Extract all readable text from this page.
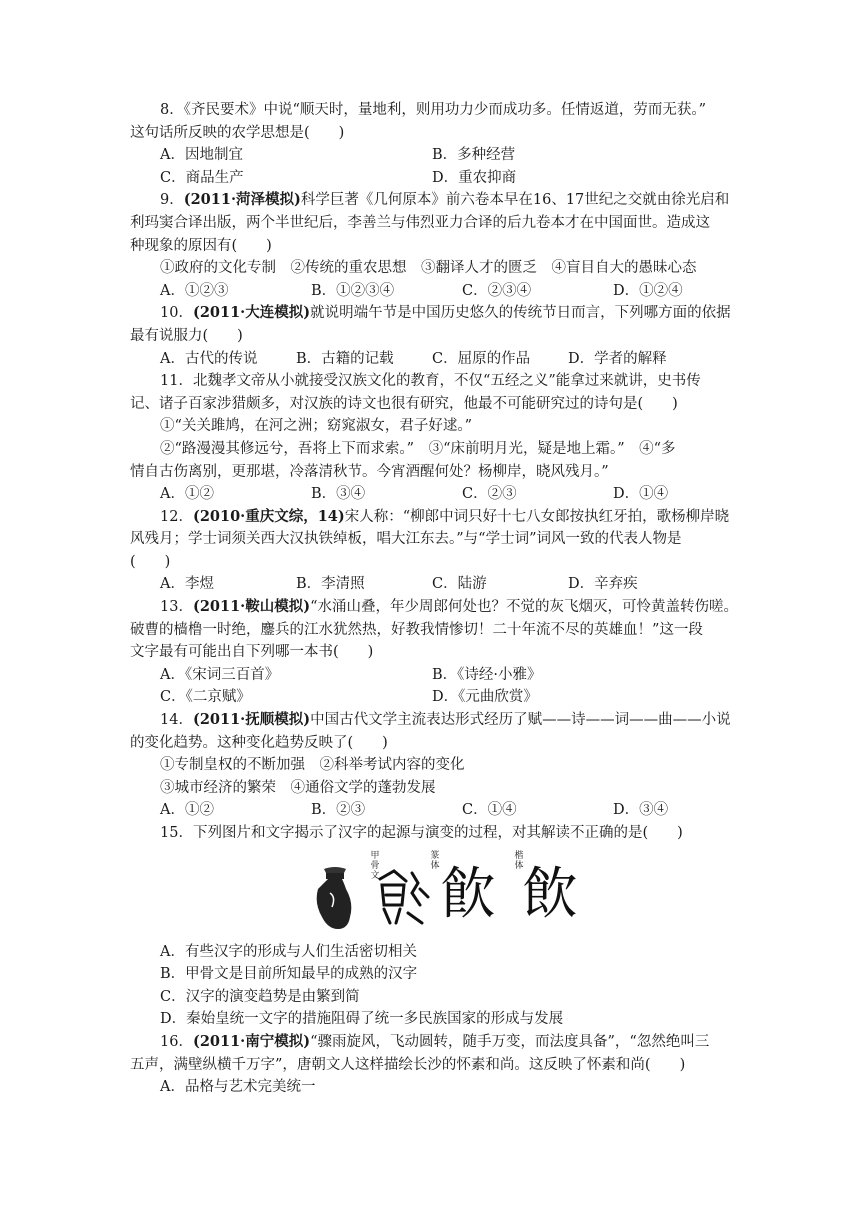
8．《齐民要术》中说“顺天时，量地利，则用功力少而成功多。任情返道，劳而无获。”
这句话所反映的农学思想是(　　)
A．因地制宜	B．多种经营
C．商品生产	D．重农抑商
9．(2011·菏泽模拟)科学巨著《几何原本》前六卷本早在16、17世纪之交就由徐光启和
利玛窦合译出版，两个半世纪后，李善兰与伟烈亚力合译的后九卷本才在中国面世。造成这
种现象的原因有(　　)
①政府的文化专制　②传统的重农思想　③翻译人才的匮乏　④盲目自大的愚昧心态
A．①②③	B．①②③④	C．②③④	D．①②④
10．(2011·大连模拟)就说明端午节是中国历史悠久的传统节日而言，下列哪方面的依据
最有说服力(　　)
A．古代的传说	B．古籍的记载	C．屈原的作品	D．学者的解释
11．北魏孝文帝从小就接受汉族文化的教育，不仅“五经之义”能拿过来就讲，史书传
记、诸子百家涉猎颇多，对汉族的诗文也很有研究，他最不可能研究过的诗句是(　　)
①“关关雎鸠，在河之洲；窈窕淑女，君子好逑。”
②“路漫漫其修远兮，吾将上下而求索。”　③“床前明月光，疑是地上霜。”　④“多
情自古伤离别，更那堪，冷落清秋节。今宵酒醒何处？杨柳岸，晓风残月。”
A．①②	B．③④	C．②③	D．①④
12．(2010·重庆文综，14)宋人称：“柳郎中词只好十七八女郎按执红牙拍，歌杨柳岸晓
风残月；学士词须关西大汉执铁绰板，唱大江东去。”与“学士词”词风一致的代表人物是
(　　)
A．李煜	B．李清照	C．陆游	D．辛弃疾
13．(2011·鞍山模拟)“水涌山叠，年少周郎何处也？不觉的灰飞烟灭，可怜黄盖转伤嗟。
破曹的樯橹一时绝，鏖兵的江水犹然热，好教我情惨切！二十年流不尽的英雄血！”这一段
文字最有可能出自下列哪一本书(　　)
A．《宋词三百首》	B．《诗经·小雅》
C．《二京赋》	D．《元曲欣赏》
14．(2011·抚顺模拟)中国古代文学主流表达形式经历了赋——诗——词——曲——小说
的变化趋势。这种变化趋势反映了(　　)
①专制皇权的不断加强　②科举考试内容的变化
③城市经济的繁荣　④通俗文学的蓬勃发展
A．①②	B．②③	C．①④	D．③④
15．下列图片和文字揭示了汉字的起源与演变的过程，对其解读不正确的是(　　)
甲骨文
篆体 飮
楷体
飲
A．有些汉字的形成与人们生活密切相关
B．甲骨文是目前所知最早的成熟的汉字
C．汉字的演变趋势是由繁到简
D．秦始皇统一文字的措施阻碍了统一多民族国家的形成与发展
16．(2011·南宁模拟)“骤雨旋风，飞动圆转，随手万变，而法度具备”，“忽然绝叫三
五声，满壁纵横千万字”，唐朝文人这样描绘长沙的怀素和尚。这反映了怀素和尚(　　)
A．品格与艺术完美统一
